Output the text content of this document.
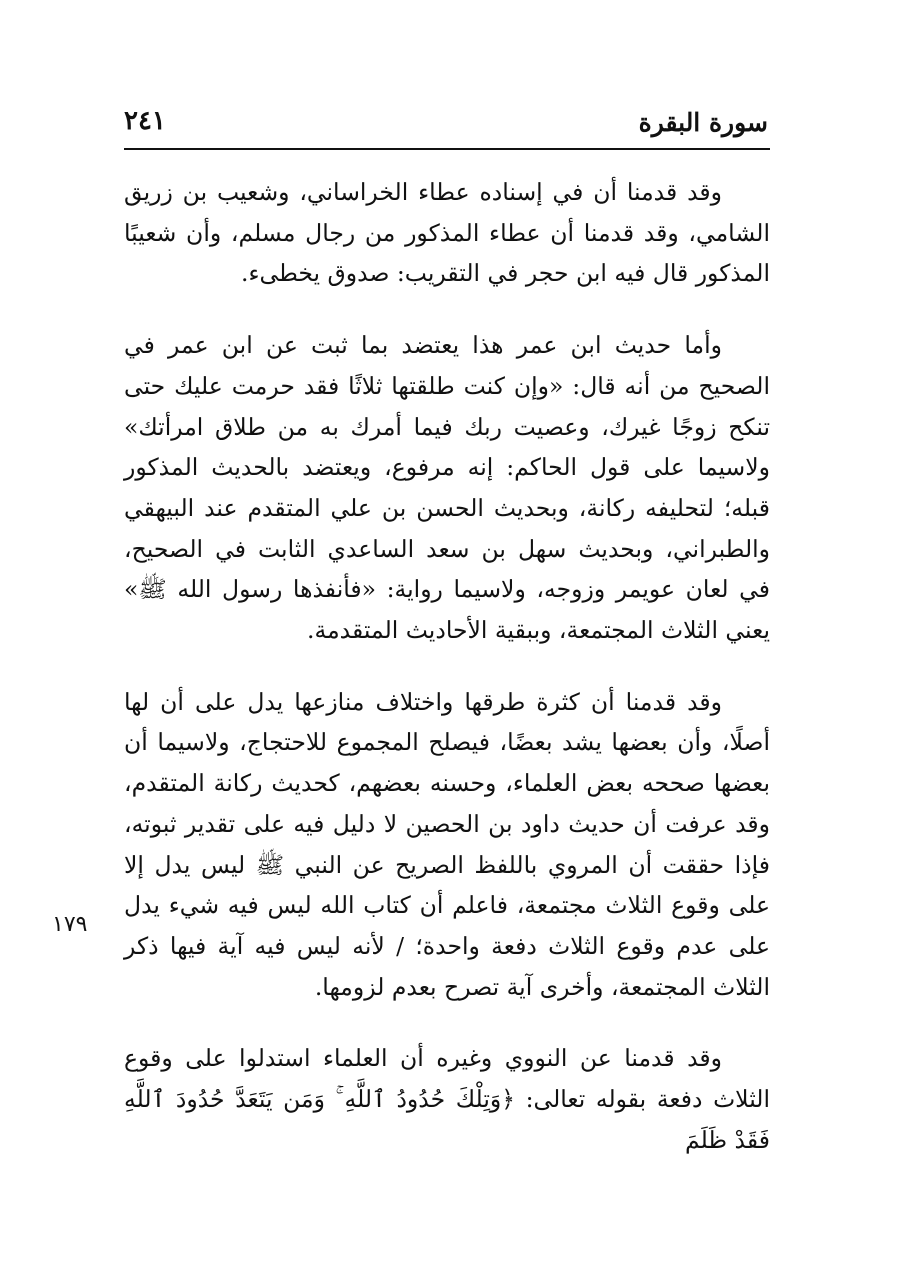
سورة البقرة
٢٤١
١٧٩

وقد قدمنا أن في إسناده عطاء الخراساني، وشعيب بن زريق الشامي، وقد قدمنا أن عطاء المذكور من رجال مسلم، وأن شعيبًا المذكور قال فيه ابن حجر في التقريب: صدوق يخطىء.

وأما حديث ابن عمر هذا يعتضد بما ثبت عن ابن عمر في الصحيح من أنه قال: «وإن كنت طلقتها ثلاثًا فقد حرمت عليك حتى تنكح زوجًا غيرك، وعصيت ربك فيما أمرك به من طلاق امرأتك» ولاسيما على قول الحاكم: إنه مرفوع، ويعتضد بالحديث المذكور قبله؛ لتحليفه ركانة، وبحديث الحسن بن علي المتقدم عند البيهقي والطبراني، وبحديث سهل بن سعد الساعدي الثابت في الصحيح، في لعان عويمر وزوجه، ولاسيما رواية: «فأنفذها رسول الله ﷺ» يعني الثلاث المجتمعة، وببقية الأحاديث المتقدمة.

وقد قدمنا أن كثرة طرقها واختلاف منازعها يدل على أن لها أصلًا، وأن بعضها يشد بعضًا، فيصلح المجموع للاحتجاج، ولاسيما أن بعضها صححه بعض العلماء، وحسنه بعضهم، كحديث ركانة المتقدم، وقد عرفت أن حديث داود بن الحصين لا دليل فيه على تقدير ثبوته، فإذا حققت أن المروي باللفظ الصريح عن النبي ﷺ ليس يدل إلا على وقوع الثلاث مجتمعة، فاعلم أن كتاب الله ليس فيه شيء يدل على عدم وقوع الثلاث دفعة واحدة؛ / لأنه ليس فيه آية فيها ذكر الثلاث المجتمعة، وأخرى آية تصرح بعدم لزومها.

وقد قدمنا عن النووي وغيره أن العلماء استدلوا على وقوع الثلاث دفعة بقوله تعالى: ﴿وَتِلْكَ حُدُودُ ٱللَّهِ ۚ وَمَن يَتَعَدَّ حُدُودَ ٱللَّهِ فَقَدْ ظَلَمَ
